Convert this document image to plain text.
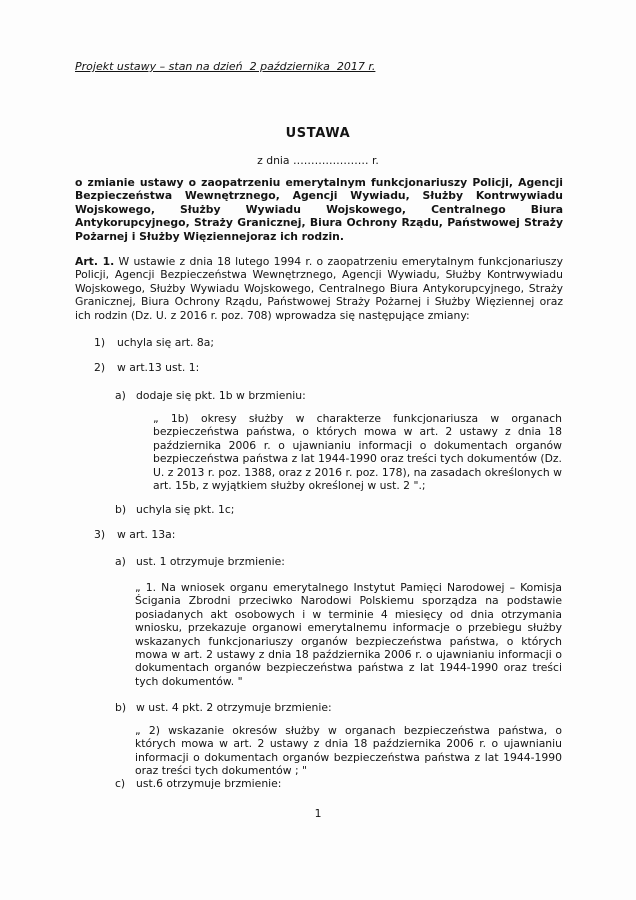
Projekt ustawy – stan na dzień  2 października  2017 r.
USTAWA
z dnia ………………… r.
o zmianie ustawy o zaopatrzeniu emerytalnym funkcjonariuszy Policji, Agencji Bezpieczeństwa Wewnętrznego, Agencji Wywiadu, Służby Kontrwywiadu Wojskowego, Służby Wywiadu Wojskowego, Centralnego Biura Antykorupcyjnego, Straży Granicznej, Biura Ochrony Rządu, Państwowej Straży Pożarnej i Służby Więziennejoraz ich rodzin.
Art. 1. W ustawie z dnia 18 lutego 1994 r. o zaopatrzeniu emerytalnym funkcjonariuszy Policji, Agencji Bezpieczeństwa Wewnętrznego, Agencji Wywiadu, Służby Kontrwywiadu Wojskowego, Służby Wywiadu Wojskowego, Centralnego Biura Antykorupcyjnego, Straży Granicznej, Biura Ochrony Rządu, Państwowej Straży Pożarnej i Służby Więziennej oraz ich rodzin (Dz. U. z 2016 r. poz. 708) wprowadza się następujące zmiany:
1)	uchyla się art. 8a;
2)	w art.13 ust. 1:
a) dodaje się pkt. 1b w brzmieniu:
„ 1b) okresy służby w charakterze funkcjonariusza w organach bezpieczeństwa państwa, o których mowa w art. 2 ustawy z dnia 18 października 2006 r. o ujawnianiu informacji o dokumentach organów bezpieczeństwa państwa z lat 1944-1990 oraz treści tych dokumentów (Dz. U. z 2013 r. poz. 1388, oraz z 2016 r. poz. 178), na zasadach określonych w art. 15b, z wyjątkiem służby określonej w ust. 2 ".;
b) uchyla się pkt. 1c;
3)	w art. 13a:
a) ust. 1 otrzymuje brzmienie:
„ 1. Na wniosek organu emerytalnego Instytut Pamięci Narodowej – Komisja Ścigania Zbrodni przeciwko Narodowi Polskiemu sporządza na podstawie posiadanych akt osobowych i w terminie 4 miesięcy od dnia otrzymania wniosku, przekazuje organowi emerytalnemu informacje o przebiegu służby wskazanych funkcjonariuszy organów bezpieczeństwa państwa, o których mowa w art. 2 ustawy z dnia 18 października 2006 r. o ujawnianiu informacji o dokumentach organów bezpieczeństwa państwa z lat 1944-1990 oraz treści tych dokumentów. "
b) w ust. 4 pkt. 2 otrzymuje brzmienie:
„ 2) wskazanie okresów służby w organach bezpieczeństwa państwa, o których mowa w art. 2 ustawy z dnia 18 października 2006 r. o ujawnianiu informacji o dokumentach organów bezpieczeństwa państwa z lat 1944-1990 oraz treści tych dokumentów ; "
c)	ust.6 otrzymuje brzmienie:
1
